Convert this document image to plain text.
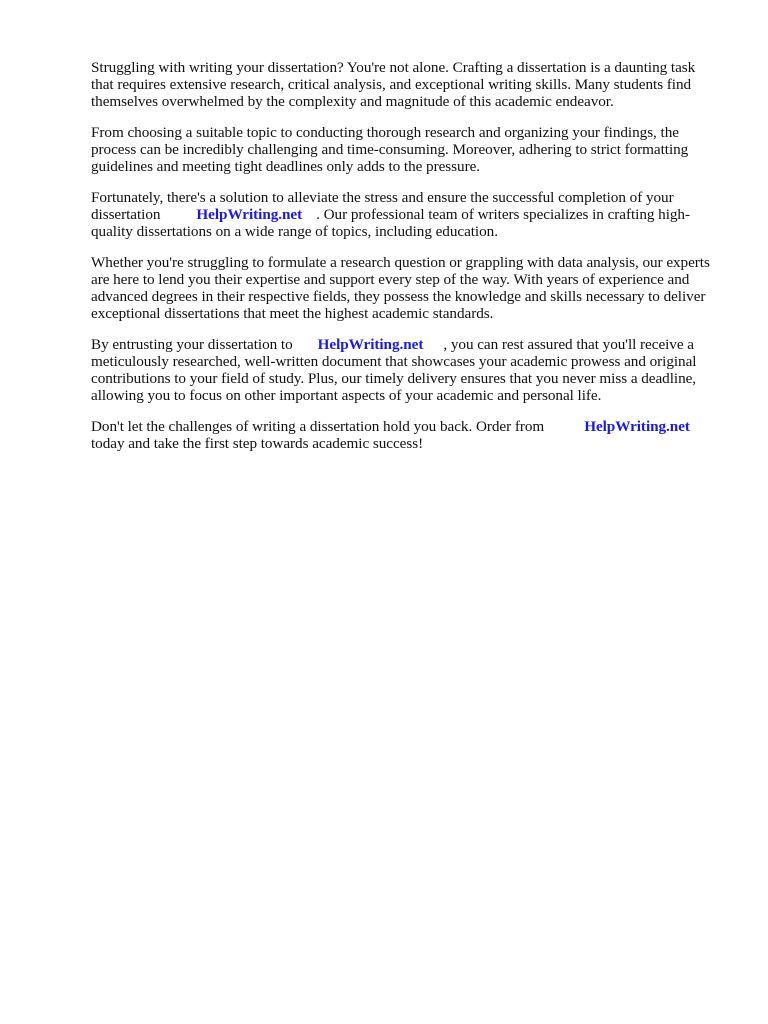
Struggling with writing your dissertation? You're not alone. Crafting a dissertation is a daunting task that requires extensive research, critical analysis, and exceptional writing skills. Many students find themselves overwhelmed by the complexity and magnitude of this academic endeavor.

From choosing a suitable topic to conducting thorough research and organizing your findings, the process can be incredibly challenging and time-consuming. Moreover, adhering to strict formatting guidelines and meeting tight deadlines only adds to the pressure.

Fortunately, there's a solution to alleviate the stress and ensure the successful completion of your dissertation HelpWriting.net . Our professional team of writers specializes in crafting high-quality dissertations on a wide range of topics, including education.

Whether you're struggling to formulate a research question or grappling with data analysis, our experts are here to lend you their expertise and support every step of the way. With years of experience and advanced degrees in their respective fields, they possess the knowledge and skills necessary to deliver exceptional dissertations that meet the highest academic standards.

By entrusting your dissertation to HelpWriting.net , you can rest assured that you'll receive a meticulously researched, well-written document that showcases your academic prowess and original contributions to your field of study. Plus, our timely delivery ensures that you never miss a deadline, allowing you to focus on other important aspects of your academic and personal life.

Don't let the challenges of writing a dissertation hold you back. Order from	HelpWriting.net today and take the first step towards academic success!
